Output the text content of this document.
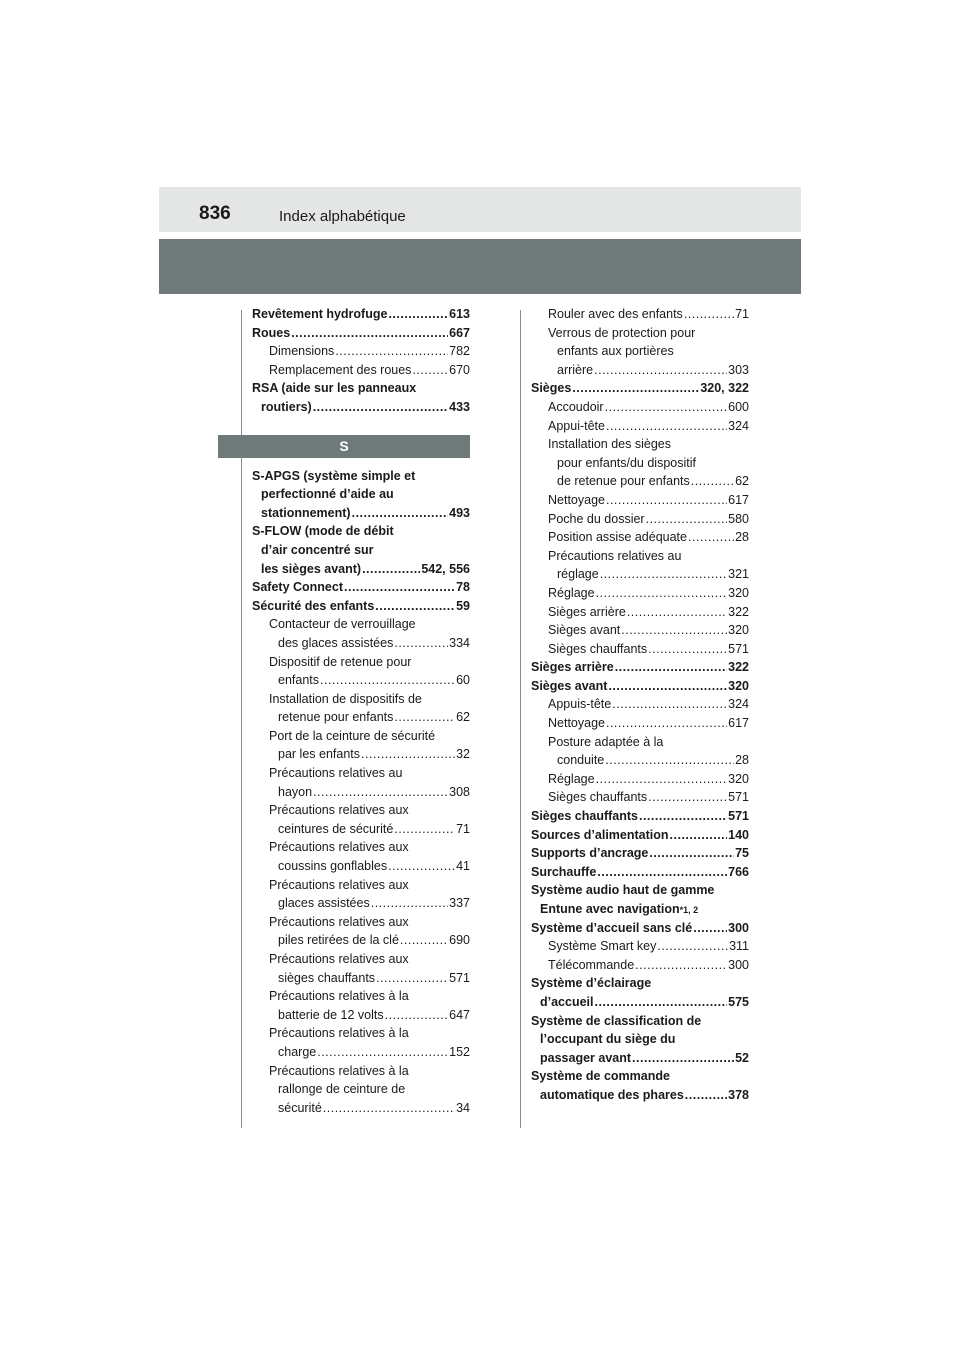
836	Index alphabétique
Revêtement hydrofuge .....	613
Roues .....	667
Dimensions .....	782
Remplacement des roues .....	670
RSA (aide sur les panneaux
routiers) .....	433
S
S-APGS (système simple et
perfectionné d’aide au
stationnement) .....	493
S-FLOW (mode de débit
d’air concentré sur
les sièges avant) .....	542, 556
Safety Connect .....	78
Sécurité des enfants .....	59
Contacteur de verrouillage
des glaces assistées .....	334
Dispositif de retenue pour
enfants .....	60
Installation de dispositifs de
retenue pour enfants .....	62
Port de la ceinture de sécurité
par les enfants .....	32
Précautions relatives au
hayon .....	308
Précautions relatives aux
ceintures de sécurité .....	71
Précautions relatives aux
coussins gonflables .....	41
Précautions relatives aux
glaces assistées .....	337
Précautions relatives aux
piles retirées de la clé .....	690
Précautions relatives aux
sièges chauffants .....	571
Précautions relatives à la
batterie de 12 volts .....	647
Précautions relatives à la
charge .....	152
Précautions relatives à la
rallonge de ceinture de
sécurité .....	34
Rouler avec des enfants .....	71
Verrous de protection pour
enfants aux portières
arrière .....	303
Sièges .....	320, 322
Accoudoir .....	600
Appui-tête .....	324
Installation des sièges
pour enfants/du dispositif
de retenue pour enfants .....	62
Nettoyage .....	617
Poche du dossier .....	580
Position assise adéquate .....	28
Précautions relatives au
réglage .....	321
Réglage .....	320
Sièges arrière .....	322
Sièges avant .....	320
Sièges chauffants .....	571
Sièges arrière .....	322
Sièges avant .....	320
Appuis-tête .....	324
Nettoyage .....	617
Posture adaptée à la
conduite .....	28
Réglage .....	320
Sièges chauffants .....	571
Sièges chauffants .....	571
Sources d’alimentation .....	140
Supports d’ancrage .....	75
Surchauffe .....	766
Système audio haut de gamme
Entune avec navigation *1, 2
Système d’accueil sans clé .....	300
Système Smart key .....	311
Télécommande .....	300
Système d’éclairage
d’accueil .....	575
Système de classification de
l’occupant du siège du
passager avant .....	52
Système de commande
automatique des phares .....	378
